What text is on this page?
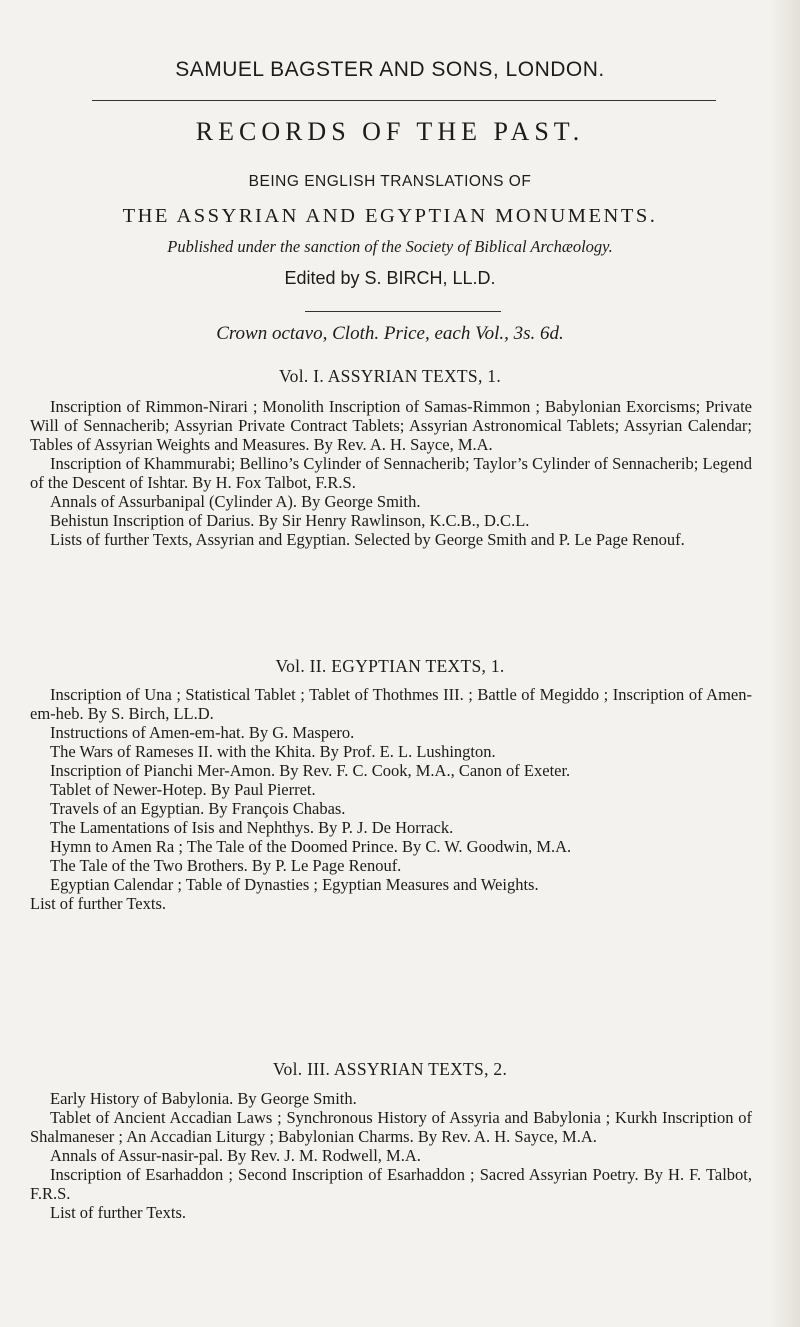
SAMUEL BAGSTER AND SONS, LONDON.
RECORDS OF THE PAST.
BEING ENGLISH TRANSLATIONS OF
THE ASSYRIAN AND EGYPTIAN MONUMENTS.
Published under the sanction of the Society of Biblical Archæology.
Edited by S. BIRCH, LL.D.
Crown octavo, Cloth. Price, each Vol., 3s. 6d.
Vol. I. ASSYRIAN TEXTS, 1.

Inscription of Rimmon-Nirari ; Monolith Inscription of Samas-Rimmon ; Babylonian Exorcisms; Private Will of Sennacherib; Assyrian Private Contract Tablets; Assyrian Astronomical Tablets; Assyrian Calendar; Tables of Assyrian Weights and Measures. By Rev. A. H. Sayce, M.A.

Inscription of Khammurabi; Bellino’s Cylinder of Sennacherib; Taylor’s Cylinder of Sennacherib; Legend of the Descent of Ishtar. By H. Fox Talbot, F.R.S.

Annals of Assurbanipal (Cylinder A). By George Smith.

Behistun Inscription of Darius. By Sir Henry Rawlinson, K.C.B., D.C.L.

Lists of further Texts, Assyrian and Egyptian. Selected by George Smith and P. Le Page Renouf.

Vol. II. EGYPTIAN TEXTS, 1.

Inscription of Una ; Statistical Tablet ; Tablet of Thothmes III. ; Battle of Megiddo ; Inscription of Amen-em-heb. By S. Birch, LL.D.

Instructions of Amen-em-hat. By G. Maspero.

The Wars of Rameses II. with the Khita. By Prof. E. L. Lushington.

Inscription of Pianchi Mer-Amon. By Rev. F. C. Cook, M.A., Canon of Exeter.

Tablet of Newer-Hotep. By Paul Pierret.

Travels of an Egyptian. By François Chabas.

The Lamentations of Isis and Nephthys. By P. J. De Horrack.

Hymn to Amen Ra ; The Tale of the Doomed Prince. By C. W. Goodwin, M.A.

The Tale of the Two Brothers. By P. Le Page Renouf.

Egyptian Calendar ; Table of Dynasties ; Egyptian Measures and Weights.

List of further Texts.

Vol. III. ASSYRIAN TEXTS, 2.

Early History of Babylonia. By George Smith.

Tablet of Ancient Accadian Laws ; Synchronous History of Assyria and Babylonia ; Kurkh Inscription of Shalmaneser ; An Accadian Liturgy ; Babylonian Charms. By Rev. A. H. Sayce, M.A.

Annals of Assur-nasir-pal. By Rev. J. M. Rodwell, M.A.

Inscription of Esarhaddon ; Second Inscription of Esarhaddon ; Sacred Assyrian Poetry. By H. F. Talbot, F.R.S.

List of further Texts.
